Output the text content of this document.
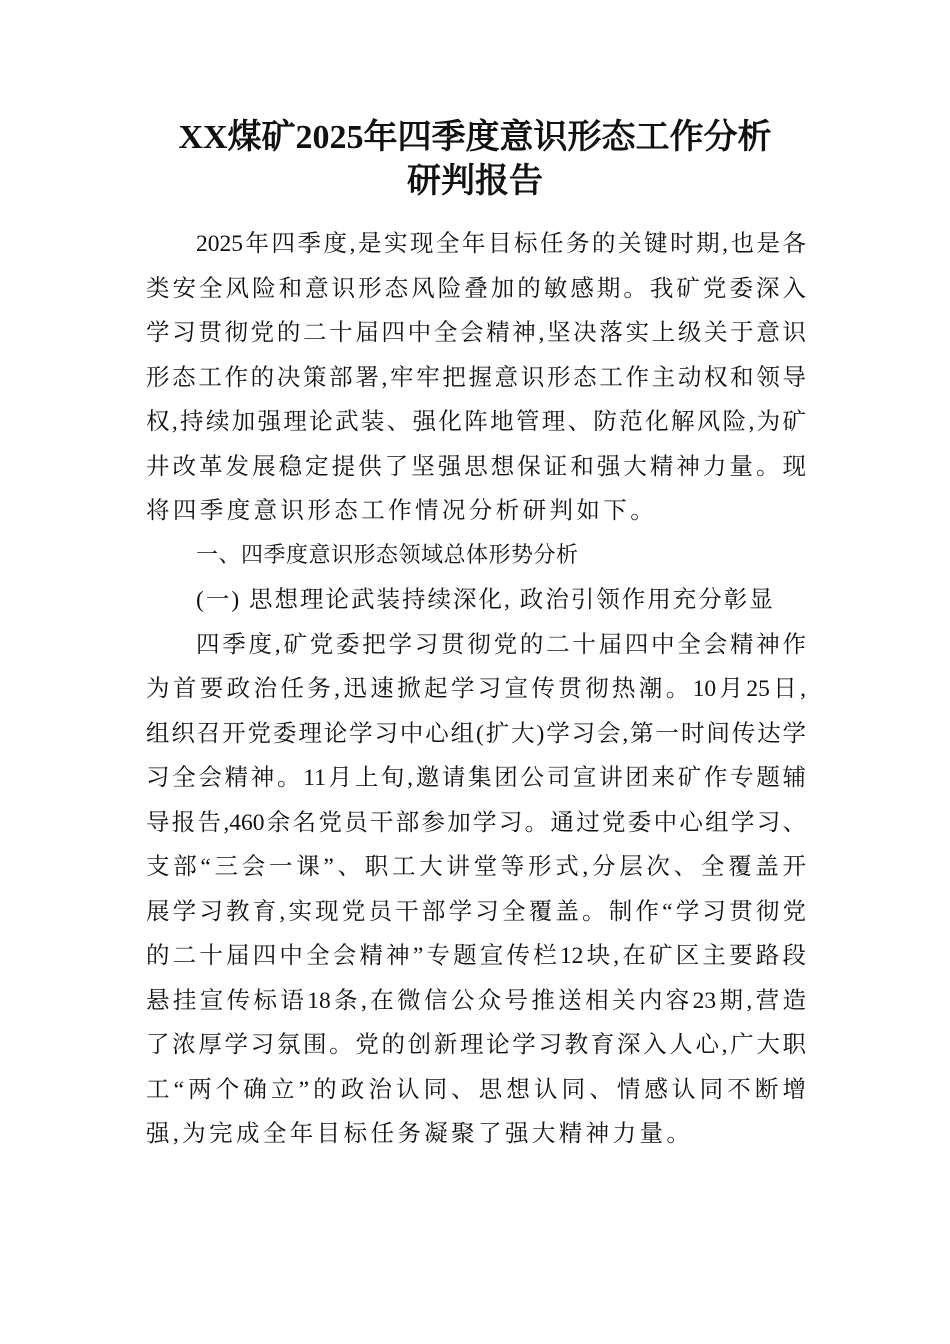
XX煤矿2025年四季度意识形态工作分析
研判报告
2025年四季度,是实现全年目标任务的关键时期,也是各
类安全风险和意识形态风险叠加的敏感期。我矿党委深入
学习贯彻党的二十届四中全会精神,坚决落实上级关于意识
形态工作的决策部署,牢牢把握意识形态工作主动权和领导
权,持续加强理论武装、强化阵地管理、防范化解风险,为矿
井改革发展稳定提供了坚强思想保证和强大精神力量。现
将四季度意识形态工作情况分析研判如下。
一、四季度意识形态领域总体形势分析
(一) 思想理论武装持续深化, 政治引领作用充分彰显
四季度,矿党委把学习贯彻党的二十届四中全会精神作
为首要政治任务,迅速掀起学习宣传贯彻热潮。10月25日,
组织召开党委理论学习中心组(扩大)学习会,第一时间传达学
习全会精神。11月上旬,邀请集团公司宣讲团来矿作专题辅
导报告,460余名党员干部参加学习。通过党委中心组学习、
支部“三会一课”、职工大讲堂等形式,分层次、全覆盖开
展学习教育,实现党员干部学习全覆盖。制作“学习贯彻党
的二十届四中全会精神”专题宣传栏12块,在矿区主要路段
悬挂宣传标语18条,在微信公众号推送相关内容23期,营造
了浓厚学习氛围。党的创新理论学习教育深入人心,广大职
工“两个确立”的政治认同、思想认同、情感认同不断增
强,为完成全年目标任务凝聚了强大精神力量。
